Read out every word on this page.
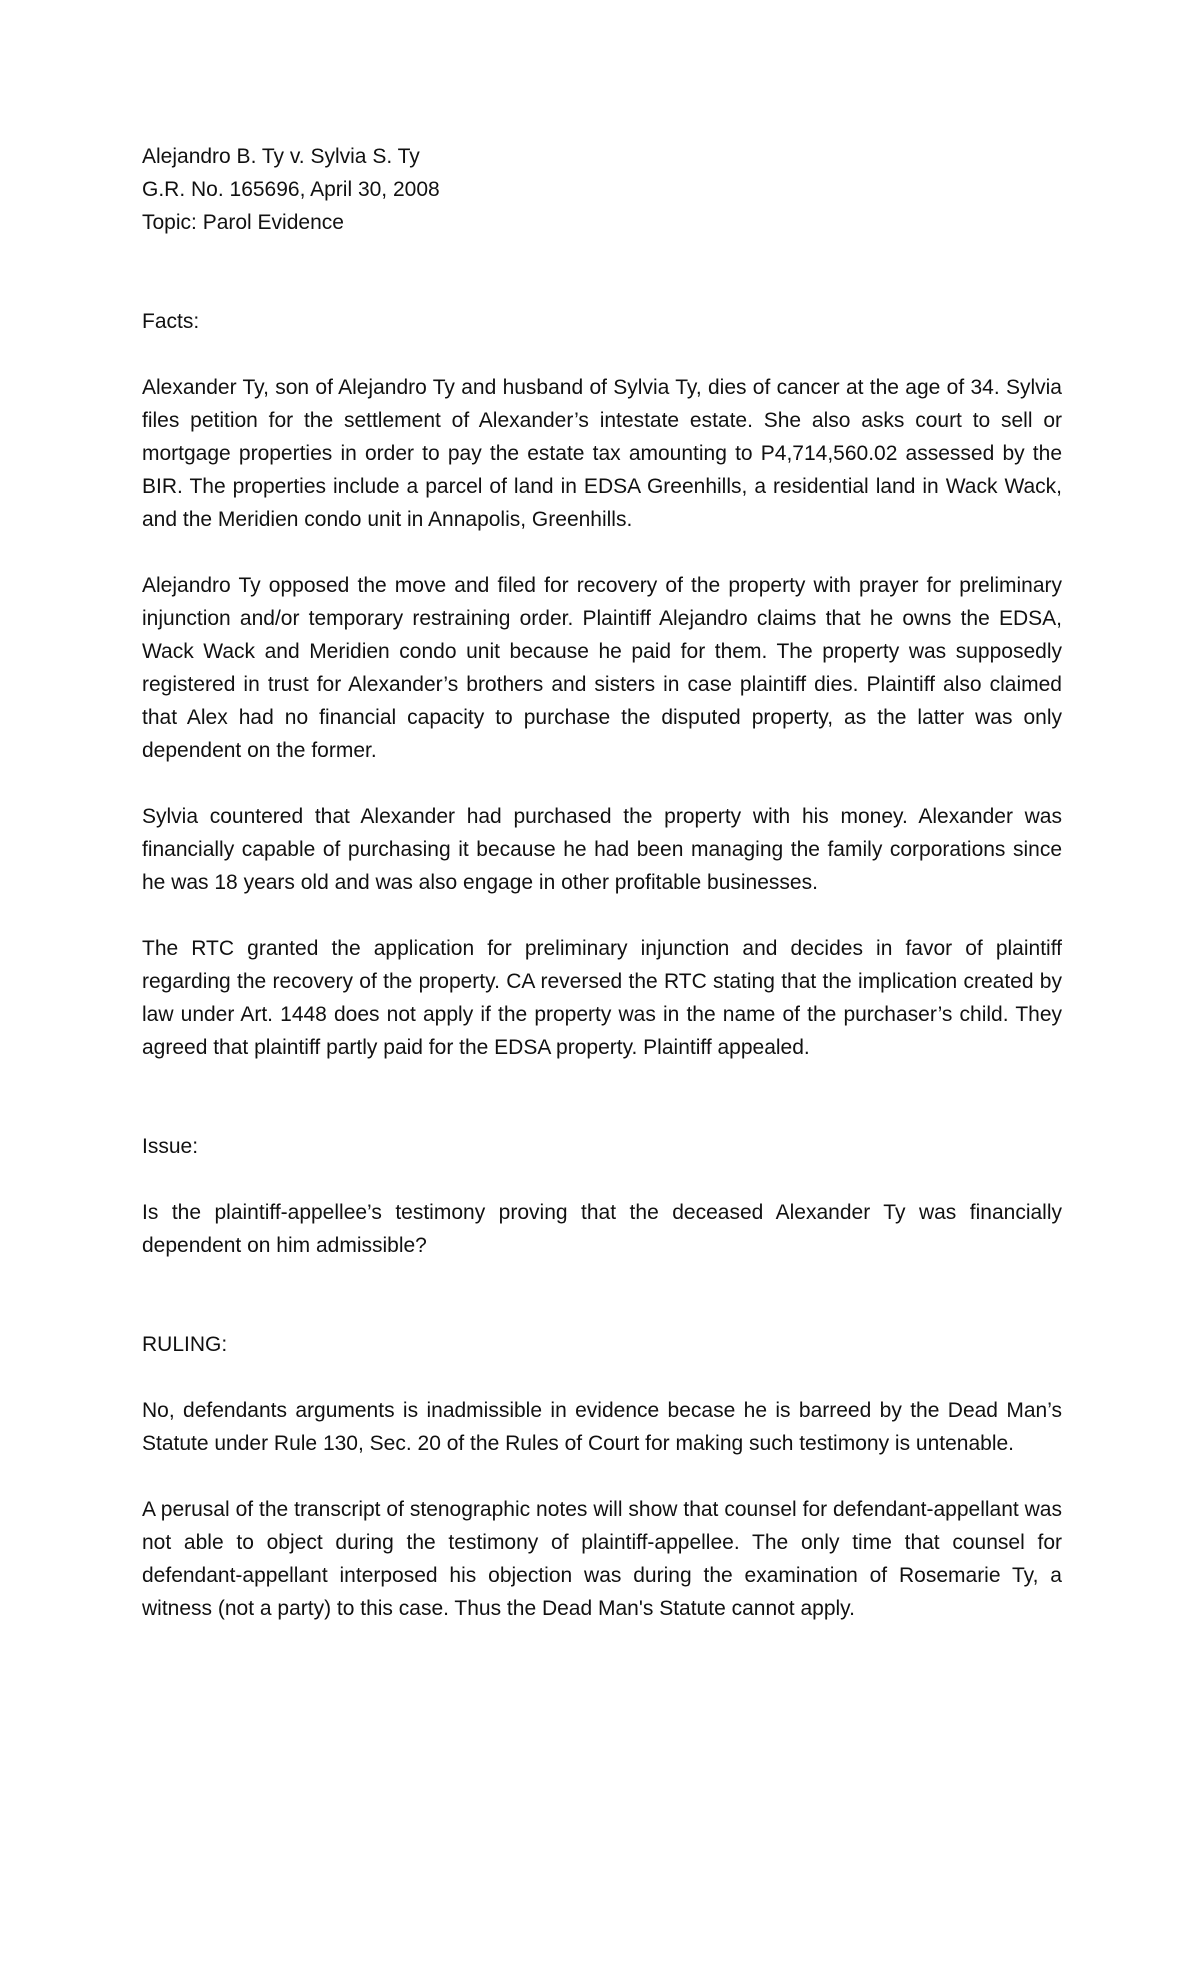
Alejandro B. Ty v. Sylvia S. Ty

G.R. No. 165696, April 30, 2008

Topic: Parol Evidence

Facts:

Alexander Ty, son of Alejandro Ty and husband of Sylvia Ty, dies of cancer at the age of 34. Sylvia files petition for the settlement of Alexander’s intestate estate. She also asks court to sell or mortgage properties in order to pay the estate tax amounting to P4,714,560.02 assessed by the BIR. The properties include a parcel of land in EDSA Greenhills, a residential land in Wack Wack, and the Meridien condo unit in Annapolis, Greenhills.

Alejandro Ty opposed the move and filed for recovery of the property with prayer for preliminary injunction and/or temporary restraining order. Plaintiff Alejandro claims that he owns the EDSA, Wack Wack and Meridien condo unit because he paid for them. The property was supposedly registered in trust for Alexander’s brothers and sisters in case plaintiff dies. Plaintiff also claimed that Alex had no financial capacity to purchase the disputed property, as the latter was only dependent on the former.

Sylvia countered that Alexander had purchased the property with his money. Alexander was financially capable of purchasing it because he had been managing the family corporations since he was 18 years old and was also engage in other profitable businesses.

The RTC granted the application for preliminary injunction and decides in favor of plaintiff regarding the recovery of the property. CA reversed the RTC stating that the implication created by law under Art. 1448 does not apply if the property was in the name of the purchaser’s child. They agreed that plaintiff partly paid for the EDSA property. Plaintiff appealed.

Issue:

Is the plaintiff-appellee’s testimony proving that the deceased Alexander Ty was financially dependent on him admissible?

RULING:

No, defendants arguments is inadmissible in evidence becase he is barreed by the Dead Man’s Statute under Rule 130, Sec. 20 of the Rules of Court for making such testimony is untenable.

A perusal of the transcript of stenographic notes will show that counsel for defendant-appellant was not able to object during the testimony of plaintiff-appellee. The only time that counsel for defendant-appellant interposed his objection was during the examination of Rosemarie Ty, a witness (not a party) to this case. Thus the Dead Man's Statute cannot apply.
